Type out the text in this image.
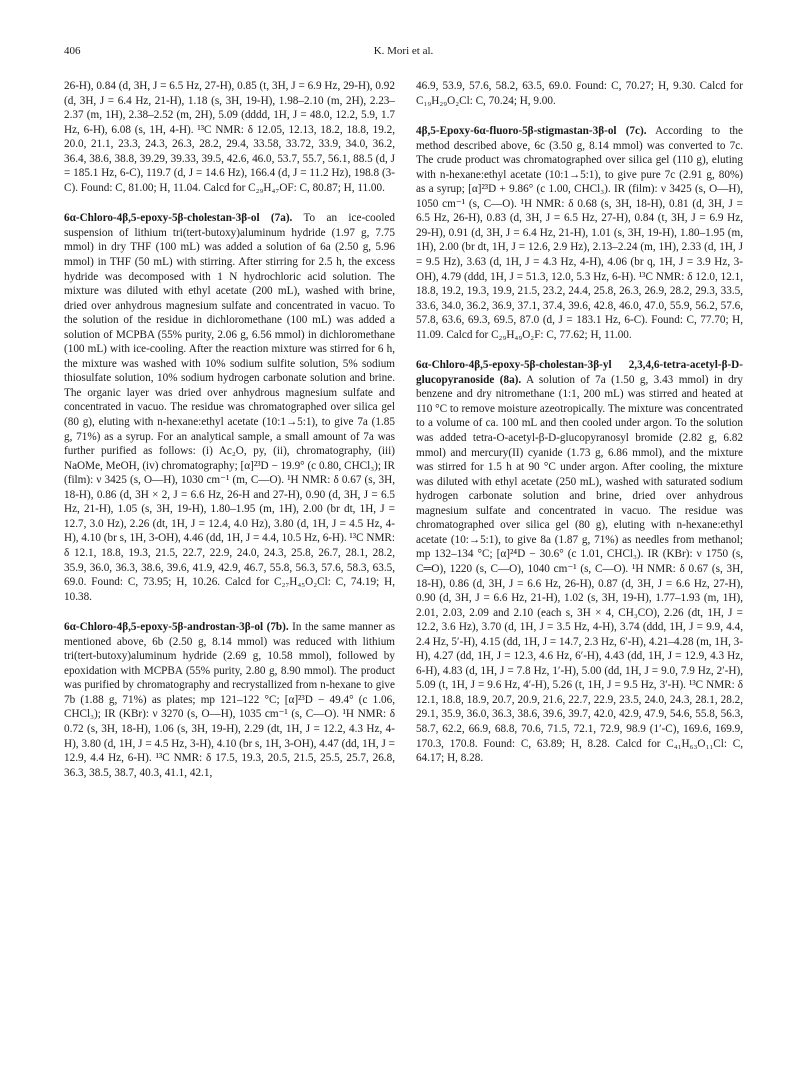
406	K. Mori et al.

26-H), 0.84 (d, 3H, J = 6.5 Hz, 27-H), 0.85 (t, 3H, J = 6.9 Hz, 29-H), 0.92 (d, 3H, J = 6.4 Hz, 21-H), 1.18 (s, 3H, 19-H), 1.98–2.10 (m, 2H), 2.23–2.37 (m, 1H), 2.38–2.52 (m, 2H), 5.09 (dddd, 1H, J = 48.0, 12.2, 5.9, 1.7 Hz, 6-H), 6.08 (s, 1H, 4-H). ¹³C NMR: δ 12.05, 12.13, 18.2, 18.8, 19.2, 20.0, 21.1, 23.3, 24.3, 26.3, 28.2, 29.4, 33.58, 33.72, 33.9, 34.0, 36.2, 36.4, 38.6, 38.8, 39.29, 39.33, 39.5, 42.6, 46.0, 53.7, 55.7, 56.1, 88.5 (d, J = 185.1 Hz, 6-C), 119.7 (d, J = 14.6 Hz), 166.4 (d, J = 11.2 Hz), 198.8 (3-C). Found: C, 81.00; H, 11.04. Calcd for C₂₉H₄₇OF: C, 80.87; H, 11.00.

6α-Chloro-4β,5-epoxy-5β-cholestan-3β-ol (7a). To an ice-cooled suspension of lithium tri(tert-butoxy)aluminum hydride (1.97 g, 7.75 mmol) in dry THF (100 mL) was added a solution of 6a (2.50 g, 5.96 mmol) in THF (50 mL) with stirring. After stirring for 2.5 h, the excess hydride was decomposed with 1 N hydrochloric acid solution. The mixture was diluted with ethyl acetate (200 mL), washed with brine, dried over anhydrous magnesium sulfate and concentrated in vacuo. To the solution of the residue in dichloromethane (100 mL) was added a solution of MCPBA (55% purity, 2.06 g, 6.56 mmol) in dichloromethane (100 mL) with ice-cooling. After the reaction mixture was stirred for 6 h, the mixture was washed with 10% sodium sulfite solution, 5% sodium thiosulfate solution, 10% sodium hydrogen carbonate solution and brine. The organic layer was dried over anhydrous magnesium sulfate and concentrated in vacuo. The residue was chromatographed over silica gel (80 g), eluting with n-hexane:ethyl acetate (10:1→5:1), to give 7a (1.85 g, 71%) as a syrup. For an analytical sample, a small amount of 7a was further purified as follows: (i) Ac₂O, py, (ii), chromatography, (iii) NaOMe, MeOH, (iv) chromatography; [α]²³D − 19.9° (c 0.80, CHCl₃); IR (film): ν 3425 (s, O—H), 1030 cm⁻¹ (m, C—O). ¹H NMR: δ 0.67 (s, 3H, 18-H), 0.86 (d, 3H × 2, J = 6.6 Hz, 26-H and 27-H), 0.90 (d, 3H, J = 6.5 Hz, 21-H), 1.05 (s, 3H, 19-H), 1.80–1.95 (m, 1H), 2.00 (br dt, 1H, J = 12.7, 3.0 Hz), 2.26 (dt, 1H, J = 12.4, 4.0 Hz), 3.80 (d, 1H, J = 4.5 Hz, 4-H), 4.10 (br s, 1H, 3-OH), 4.46 (dd, 1H, J = 4.4, 10.5 Hz, 6-H). ¹³C NMR: δ 12.1, 18.8, 19.3, 21.5, 22.7, 22.9, 24.0, 24.3, 25.8, 26.7, 28.1, 28.2, 35.9, 36.0, 36.3, 38.6, 39.6, 41.9, 42.9, 46.7, 55.8, 56.3, 57.6, 58.3, 63.5, 69.0. Found: C, 73.95; H, 10.26. Calcd for C₂₇H₄₅O₂Cl: C, 74.19; H, 10.38.

6α-Chloro-4β,5-epoxy-5β-androstan-3β-ol (7b). In the same manner as mentioned above, 6b (2.50 g, 8.14 mmol) was reduced with lithium tri(tert-butoxy)aluminum hydride (2.69 g, 10.58 mmol), followed by epoxidation with MCPBA (55% purity, 2.80 g, 8.90 mmol). The product was purified by chromatography and recrystallized from n-hexane to give 7b (1.88 g, 71%) as plates; mp 121–122 °C; [α]²³D − 49.4° (c 1.06, CHCl₃); IR (KBr): ν 3270 (s, O—H), 1035 cm⁻¹ (s, C—O). ¹H NMR: δ 0.72 (s, 3H, 18-H), 1.06 (s, 3H, 19-H), 2.29 (dt, 1H, J = 12.2, 4.3 Hz, 4-H), 3.80 (d, 1H, J = 4.5 Hz, 3-H), 4.10 (br s, 1H, 3-OH), 4.47 (dd, 1H, J = 12.9, 4.4 Hz, 6-H). ¹³C NMR: δ 17.5, 19.3, 20.5, 21.5, 25.5, 25.7, 26.8, 36.3, 38.5, 38.7, 40.3, 41.1, 42.1,

46.9, 53.9, 57.6, 58.2, 63.5, 69.0. Found: C, 70.27; H, 9.30. Calcd for C₁₉H₂₉O₂Cl: C, 70.24; H, 9.00.

4β,5-Epoxy-6α-fluoro-5β-stigmastan-3β-ol (7c). According to the method described above, 6c (3.50 g, 8.14 mmol) was converted to 7c. The crude product was chromatographed over silica gel (110 g), eluting with n-hexane:ethyl acetate (10:1→5:1), to give pure 7c (2.91 g, 80%) as a syrup; [α]²³D + 9.86° (c 1.00, CHCl₃). IR (film): ν 3425 (s, O—H), 1050 cm⁻¹ (s, C—O). ¹H NMR: δ 0.68 (s, 3H, 18-H), 0.81 (d, 3H, J = 6.5 Hz, 26-H), 0.83 (d, 3H, J = 6.5 Hz, 27-H), 0.84 (t, 3H, J = 6.9 Hz, 29-H), 0.91 (d, 3H, J = 6.4 Hz, 21-H), 1.01 (s, 3H, 19-H), 1.80–1.95 (m, 1H), 2.00 (br dt, 1H, J = 12.6, 2.9 Hz), 2.13–2.24 (m, 1H), 2.33 (d, 1H, J = 9.5 Hz), 3.63 (d, 1H, J = 4.3 Hz, 4-H), 4.06 (br q, 1H, J = 3.9 Hz, 3-OH), 4.79 (ddd, 1H, J = 51.3, 12.0, 5.3 Hz, 6-H). ¹³C NMR: δ 12.0, 12.1, 18.8, 19.2, 19.3, 19.9, 21.5, 23.2, 24.4, 25.8, 26.3, 26.9, 28.2, 29.3, 33.5, 33.6, 34.0, 36.2, 36.9, 37.1, 37.4, 39.6, 42.8, 46.0, 47.0, 55.9, 56.2, 57.6, 57.8, 63.6, 69.3, 69.5, 87.0 (d, J = 183.1 Hz, 6-C). Found: C, 77.70; H, 11.09. Calcd for C₂₉H₄₉O₂F: C, 77.62; H, 11.00.

6α-Chloro-4β,5-epoxy-5β-cholestan-3β-yl 2,3,4,6-tetra-acetyl-β-D-glucopyranoside (8a). A solution of 7a (1.50 g, 3.43 mmol) in dry benzene and dry nitromethane (1:1, 200 mL) was stirred and heated at 110 °C to remove moisture azeotropically. The mixture was concentrated to a volume of ca. 100 mL and then cooled under argon. To the solution was added tetra-O-acetyl-β-D-glucopyranosyl bromide (2.82 g, 6.82 mmol) and mercury(II) cyanide (1.73 g, 6.86 mmol), and the mixture was stirred for 1.5 h at 90 °C under argon. After cooling, the mixture was diluted with ethyl acetate (250 mL), washed with saturated sodium hydrogen carbonate solution and brine, dried over anhydrous magnesium sulfate and concentrated in vacuo. The residue was chromatographed over silica gel (80 g), eluting with n-hexane:ethyl acetate (10:→5:1), to give 8a (1.87 g, 71%) as needles from methanol; mp 132–134 °C; [α]²⁴D − 30.6° (c 1.01, CHCl₃). IR (KBr): ν 1750 (s, C═O), 1220 (s, C—O), 1040 cm⁻¹ (s, C—O). ¹H NMR: δ 0.67 (s, 3H, 18-H), 0.86 (d, 3H, J = 6.6 Hz, 26-H), 0.87 (d, 3H, J = 6.6 Hz, 27-H), 0.90 (d, 3H, J = 6.6 Hz, 21-H), 1.02 (s, 3H, 19-H), 1.77–1.93 (m, 1H), 2.01, 2.03, 2.09 and 2.10 (each s, 3H × 4, CH₃CO), 2.26 (dt, 1H, J = 12.2, 3.6 Hz), 3.70 (d, 1H, J = 3.5 Hz, 4-H), 3.74 (ddd, 1H, J = 9.9, 4.4, 2.4 Hz, 5′-H), 4.15 (dd, 1H, J = 14.7, 2.3 Hz, 6′-H), 4.21–4.28 (m, 1H, 3-H), 4.27 (dd, 1H, J = 12.3, 4.6 Hz, 6′-H), 4.43 (dd, 1H, J = 12.9, 4.3 Hz, 6-H), 4.83 (d, 1H, J = 7.8 Hz, 1′-H), 5.00 (dd, 1H, J = 9.0, 7.9 Hz, 2′-H), 5.09 (t, 1H, J = 9.6 Hz, 4′-H), 5.26 (t, 1H, J = 9.5 Hz, 3′-H). ¹³C NMR: δ 12.1, 18.8, 18.9, 20.7, 20.9, 21.6, 22.7, 22.9, 23.5, 24.0, 24.3, 28.1, 28.2, 29.1, 35.9, 36.0, 36.3, 38.6, 39.6, 39.7, 42.0, 42.9, 47.9, 54.6, 55.8, 56.3, 58.7, 62.2, 66.9, 68.8, 70.6, 71.5, 72.1, 72.9, 98.9 (1′-C), 169.6, 169.9, 170.3, 170.8. Found: C, 63.89; H, 8.28. Calcd for C₄₁H₆₃O₁₁Cl: C, 64.17; H, 8.28.
